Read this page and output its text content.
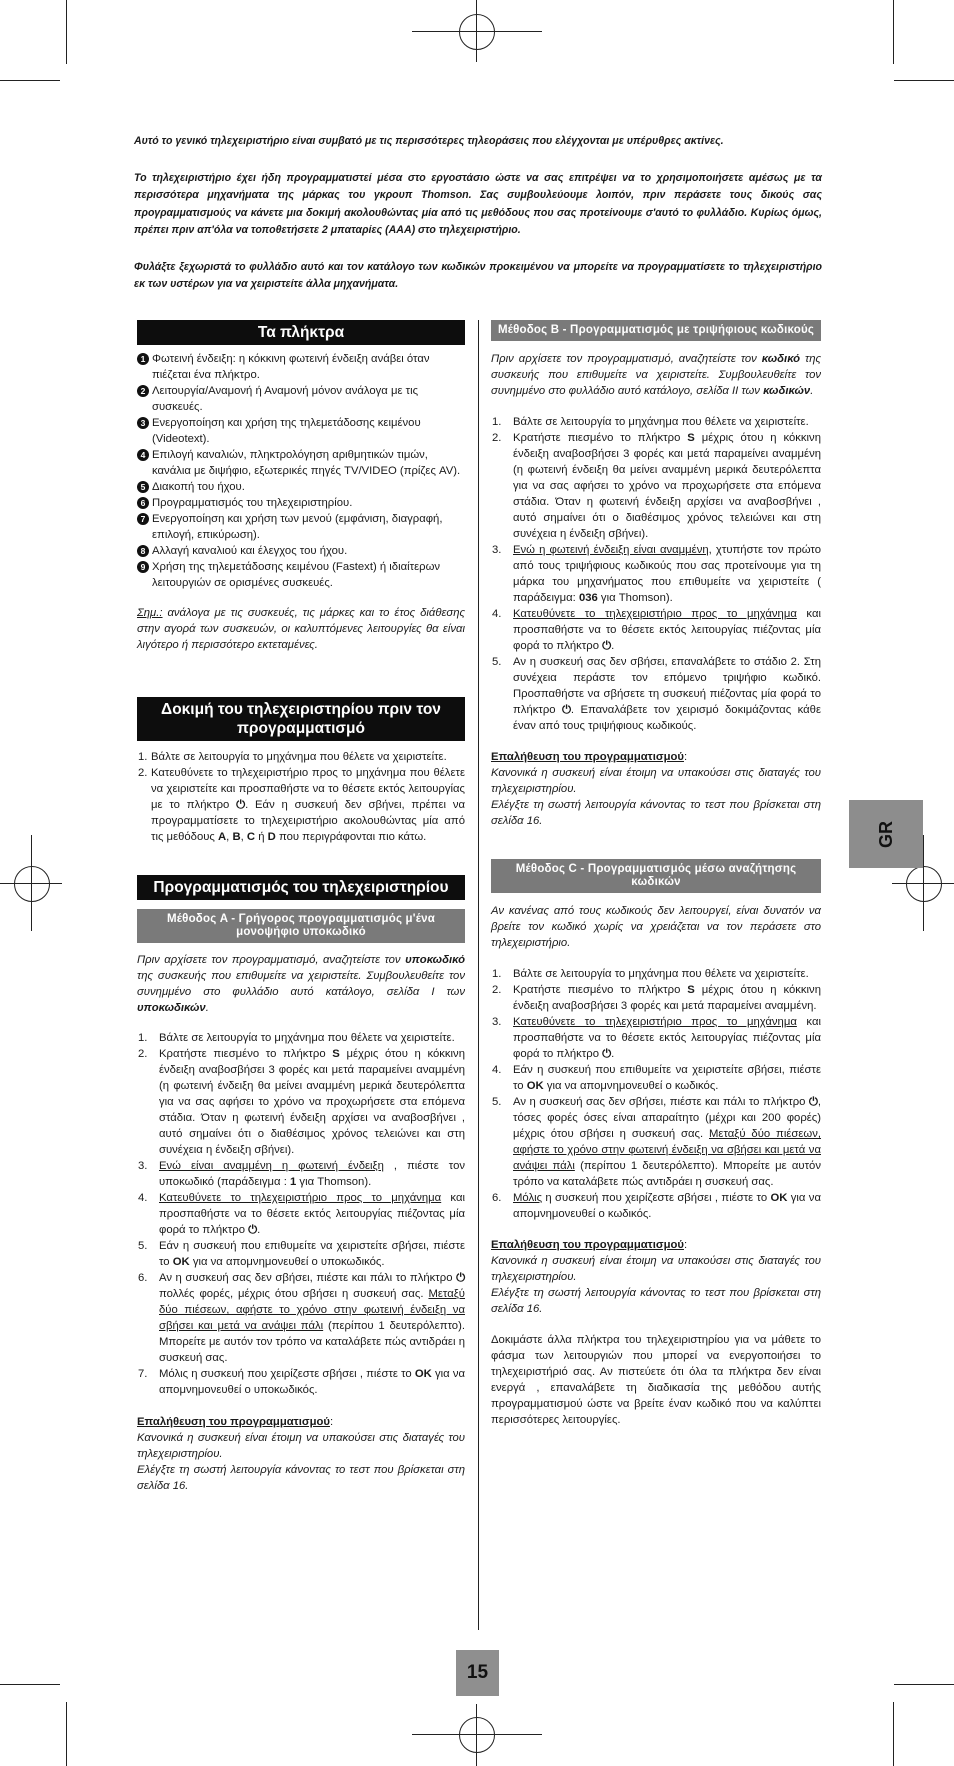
Αυτό το γενικό τηλεχειριστήριο είναι συμβατό με τις περισσότερες τηλεοράσεις που ελέγχονται με υπέρυθρες ακτίνες.

Το τηλεχειριστήριο έχει ήδη προγραμματιστεί μέσα στο εργοστάσιο ώστε να σας επιτρέψει να το χρησιμοποιήσετε αμέσως με τα περισσότερα μηχανήματα της μάρκας του γκρουπ Thomson. Σας συμβουλεύουμε λοιπόν, πριν περάσετε τους δικούς σας προγραμματισμούς να κάνετε μια δοκιμή ακολουθώντας μία από τις μεθόδους που σας προτείνουμε σ'αυτό το φυλλάδιο. Κυρίως όμως, πρέπει πριν απ'όλα να τοποθετήσετε 2 μπαταρίες (AAA) στο τηλεχειριστήριο.

Φυλάξτε ξεχωριστά το φυλλάδιο αυτό και τον κατάλογο των κωδικών προκειμένου να μπορείτε να προγραμματίσετε το τηλεχειριστήριο εκ των υστέρων για να χειριστείτε άλλα μηχανήματα.

Τα πλήκτρα
1 Φωτεινή ένδειξη: η κόκκινη φωτεινή ένδειξη ανάβει όταν πιέζεται ένα πλήκτρο.
2 Λειτουργία/Αναμονή ή Αναμονή μόνον ανάλογα με τις συσκευές.
3 Ενεργοποίηση και χρήση της τηλεμετάδοσης κειμένου (Videotext).
4 Επιλογή καναλιών, πληκτρολόγηση αριθμητικών τιμών, κανάλια με διψήφιο, εξωτερικές πηγές TV/VIDEO (πρίζες AV).
5 Διακοπή του ήχου.
6 Προγραμματισμός του τηλεχειριστηρίου.
7 Ενεργοποίηση και χρήση των μενού (εμφάνιση, διαγραφή, επιλογή, επικύρωση).
8 Αλλαγή καναλιού και έλεγχος του ήχου.
9 Χρήση της τηλεμετάδοσης κειμένου (Fastext) ή ιδιαίτερων λειτουργιών σε ορισμένες συσκευές.

Σημ.: ανάλογα με τις συσκευές, τις μάρκες και το έτος διάθεσης στην αγορά των συσκευών, οι καλυπτόμενες λειτουργίες θα είναι λιγότερο ή περισσότερο εκτεταμένες.

Δοκιμή του τηλεχειριστηρίου πριν τον προγραμματισμό
1. Βάλτε σε λειτουργία το μηχάνημα που θέλετε να χειριστείτε.
2. Κατευθύνετε το τηλεχειριστήριο προς το μηχάνημα που θέλετε να χειριστείτε και προσπαθήστε να το θέσετε εκτός λειτουργίας με το πλήκτρο ⏻. Εάν η συσκευή δεν σβήνει, πρέπει να προγραμματίσετε το τηλεχειριστήριο ακολουθώντας μία από τις μεθόδους A, B, C ή D που περιγράφονται πιο κάτω.
Προγραμματισμός του τηλεχειριστηρίου
Μέθοδος A - Γρήγορος προγραμματισμός μ'ένα μονοψήφιο υποκωδικό

Πριν αρχίσετε τον προγραμματισμό, αναζητείστε τον υποκωδικό της συσκευής που επιθυμείτε να χειριστείτε. Συμβουλευθείτε τον συνημμένο στο φυλλάδιο αυτό κατάλογο, σελίδα I των υποκωδικών.

1. Βάλτε σε λειτουργία το μηχάνημα που θέλετε να χειριστείτε.
2. Κρατήστε πιεσμένο το πλήκτρο S μέχρις ότου η κόκκινη ένδειξη αναβοσβήσει 3 φορές και μετά παραμείνει αναμμένη (η φωτεινή ένδειξη θα μείνει αναμμένη μερικά δευτερόλεπτα για να σας αφήσει το χρόνο να προχωρήσετε στα επόμενα στάδια. Όταν η φωτεινή ένδειξη αρχίσει να αναβοσβήνει , αυτό σημαίνει ότι ο διαθέσιμος χρόνος τελειώνει και στη συνέχεια η ένδειξη σβήνει).
3. Ενώ είναι αναμμένη η φωτεινή ένδειξη , πιέστε τον υποκωδικό (παράδειγμα : 1 για Thomson).
4. Κατευθύνετε το τηλεχειριστήριο προς το μηχάνημα και προσπαθήστε να το θέσετε εκτός λειτουργίας πιέζοντας μία φορά το πλήκτρο ⏻.
5. Εάν η συσκευή που επιθυμείτε να χειριστείτε σβήσει, πιέστε το OK για να απομνημονευθεί ο υποκωδικός.
6. Αν η συσκευή σας δεν σβήσει, πιέστε και πάλι το πλήκτρο ⏻ πολλές φορές, μέχρις ότου σβήσει η συσκευή σας. Μεταξύ δύο πιέσεων, αφήστε το χρόνο στην φωτεινή ένδειξη να σβήσει και μετά να ανάψει πάλι (περίπου 1 δευτερόλεπτο). Μπορείτε με αυτόν τον τρόπο να καταλάβετε πώς αντιδράει η συσκευή σας.
7. Μόλις η συσκευή που χειρίζεστε σβήσει , πιέστε το OK για να απομνημονευθεί ο υποκωδικός.
Επαλήθευση του προγραμματισμού:
Κανονικά η συσκευή είναι έτοιμη να υπακούσει στις διαταγές του τηλεχειριστηρίου.
Ελέγξτε τη σωστή λειτουργία κάνοντας το τεστ που βρίσκεται στη σελίδα 16.
Μέθοδος B - Προγραμματισμός με τριψήφιους κωδικούς

Πριν αρχίσετε τον προγραμματισμό, αναζητείστε τον κωδικό της συσκευής που επιθυμείτε να χειριστείτε. Συμβουλευθείτε τον συνημμένο στο φυλλάδιο αυτό κατάλογο, σελίδα II των κωδικών.

1. Βάλτε σε λειτουργία το μηχάνημα που θέλετε να χειριστείτε.
2. Κρατήστε πιεσμένο το πλήκτρο S μέχρις ότου η κόκκινη ένδειξη αναβοσβήσει 3 φορές και μετά παραμείνει αναμμένη (η φωτεινή ένδειξη θα μείνει αναμμένη μερικά δευτερόλεπτα για να σας αφήσει το χρόνο να προχωρήσετε στα επόμενα στάδια. Όταν η φωτεινή ένδειξη αρχίσει να αναβοσβήνει , αυτό σημαίνει ότι ο διαθέσιμος χρόνος τελειώνει και στη συνέχεια η ένδειξη σβήνει).
3. Ενώ η φωτεινή ένδειξη είναι αναμμένη, χτυπήστε τον πρώτο από τους τριψήφιους κωδικούς που σας προτείνουμε για τη μάρκα του μηχανήματος που επιθυμείτε να χειριστείτε ( παράδειγμα: 036 για Thomson).
4. Κατευθύνετε το τηλεχειριστήριο προς το μηχάνημα και προσπαθήστε να το θέσετε εκτός λειτουργίας πιέζοντας μία φορά το πλήκτρο ⏻.
5. Αν η συσκευή σας δεν σβήσει, επαναλάβετε το στάδιο 2. Στη συνέχεια περάστε τον επόμενο τριψήφιο κωδικό. Προσπαθήστε να σβήσετε τη συσκευή πιέζοντας μία φορά το πλήκτρο ⏻. Επαναλάβετε τον χειρισμό δοκιμάζοντας κάθε έναν από τους τριψήφιους κωδικούς.
Επαλήθευση του προγραμματισμού:
Κανονικά η συσκευή είναι έτοιμη να υπακούσει στις διαταγές του τηλεχειριστηρίου.
Ελέγξτε τη σωστή λειτουργία κάνοντας το τεστ που βρίσκεται στη σελίδα 16.
Μέθοδος C - Προγραμματισμός μέσω αναζήτησης κωδικών

Αν κανένας από τους κωδικούς δεν λειτουργεί, είναι δυνατόν να βρείτε τον κωδικό χωρίς να χρειάζεται να τον περάσετε στο τηλεχειριστήριο.

1. Βάλτε σε λειτουργία το μηχάνημα που θέλετε να χειριστείτε.
2. Κρατήστε πιεσμένο το πλήκτρο S μέχρις ότου η κόκκινη ένδειξη αναβοσβήσει 3 φορές και μετά παραμείνει αναμμένη.
3. Κατευθύνετε το τηλεχειριστήριο προς το μηχάνημα και προσπαθήστε να το θέσετε εκτός λειτουργίας πιέζοντας μία φορά το πλήκτρο ⏻.
4. Εάν η συσκευή που επιθυμείτε να χειριστείτε σβήσει, πιέστε το OK για να απομνημονευθεί ο κωδικός.
5. Αν η συσκευή σας δεν σβήσει, πιέστε και πάλι το πλήκτρο ⏻, τόσες φορές όσες είναι απαραίτητο (μέχρι και 200 φορές) μέχρις ότου σβήσει η συσκευή σας. Μεταξύ δύο πιέσεων, αφήστε το χρόνο στην φωτεινή ένδειξη να σβήσει και μετά να ανάψει πάλι (περίπου 1 δευτερόλεπτο). Μπορείτε με αυτόν τρόπο να καταλάβετε πώς αντιδράει η συσκευή σας.
6. Μόλις η συσκευή που χειρίζεστε σβήσει , πιέστε το OK για να απομνημονευθεί ο κωδικός.
Επαλήθευση του προγραμματισμού:
Κανονικά η συσκευή είναι έτοιμη να υπακούσει στις διαταγές του τηλεχειριστηρίου.
Ελέγξτε τη σωστή λειτουργία κάνοντας το τεστ που βρίσκεται στη σελίδα 16.

Δοκιμάστε άλλα πλήκτρα του τηλεχειριστηρίου για να μάθετε το φάσμα των λειτουργιών που μπορεί να ενεργοποιήσει το τηλεχειριστήριό σας. Αν πιστεύετε ότι όλα τα πλήκτρα δεν είναι ενεργά , επαναλάβετε τη διαδικασία της μεθόδου αυτής προγραμματισμού ώστε να βρείτε έναν κωδικό που να καλύπτει περισσότερες λειτουργίες.

GR
15
